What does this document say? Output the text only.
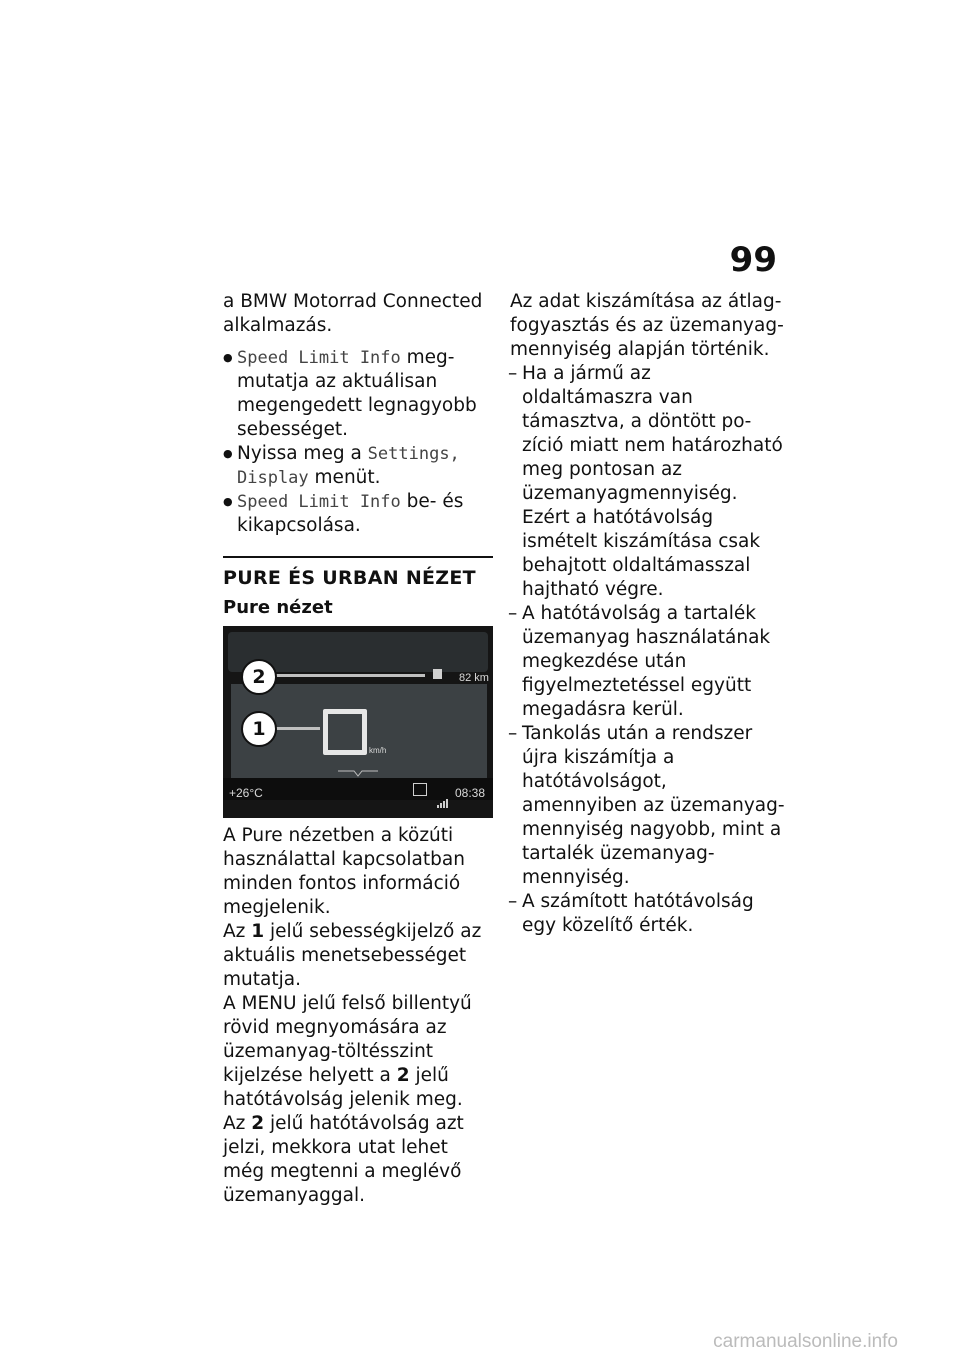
99

a BMW Motorrad Connected alkalmazás.

● Speed Limit Info megmutatja az aktuálisan megengedett legnagyobb sebességet.
● Nyissa meg a Settings, Display menüt.
● Speed Limit Info be- és kikapcsolása.
PURE ÉS URBAN NÉZET
Pure nézet
2
1
82 km
km/h
+26°C	08:38

A Pure nézetben a közúti használattal kapcsolatban minden fontos információ megjelenik.

Az 1 jelű sebességkijelző az aktuális menetsebességet mutatja.

A MENU jelű felső billentyű rövid megnyomására az üzemanyag-töltésszint kijelzése helyett a 2 jelű hatótávolság jelenik meg.

Az 2 jelű hatótávolság azt jelzi, mekkora utat lehet még megtenni a meglévő üzemanyaggal.

Az adat kiszámítása az átlagfogyasztás és az üzemanyagmennyiség alapján történik.

– Ha a jármű az oldaltámaszra van támasztva, a döntött pozíció miatt nem határozható meg pontosan az üzemanyagmennyiség. Ezért a hatótávolság ismételt kiszámítása csak behajtott oldaltámasszal hajtható végre.
– A hatótávolság a tartalék üzemanyag használatának megkezdése után figyelmeztetéssel együtt megadásra kerül.
– Tankolás után a rendszer újra kiszámítja a hatótávolságot, amennyiben az üzemanyagmennyiség nagyobb, mint a tartalék üzemanyag-mennyiség.
– A számított hatótávolság egy közelítő érték.
carmanualsonline.info
